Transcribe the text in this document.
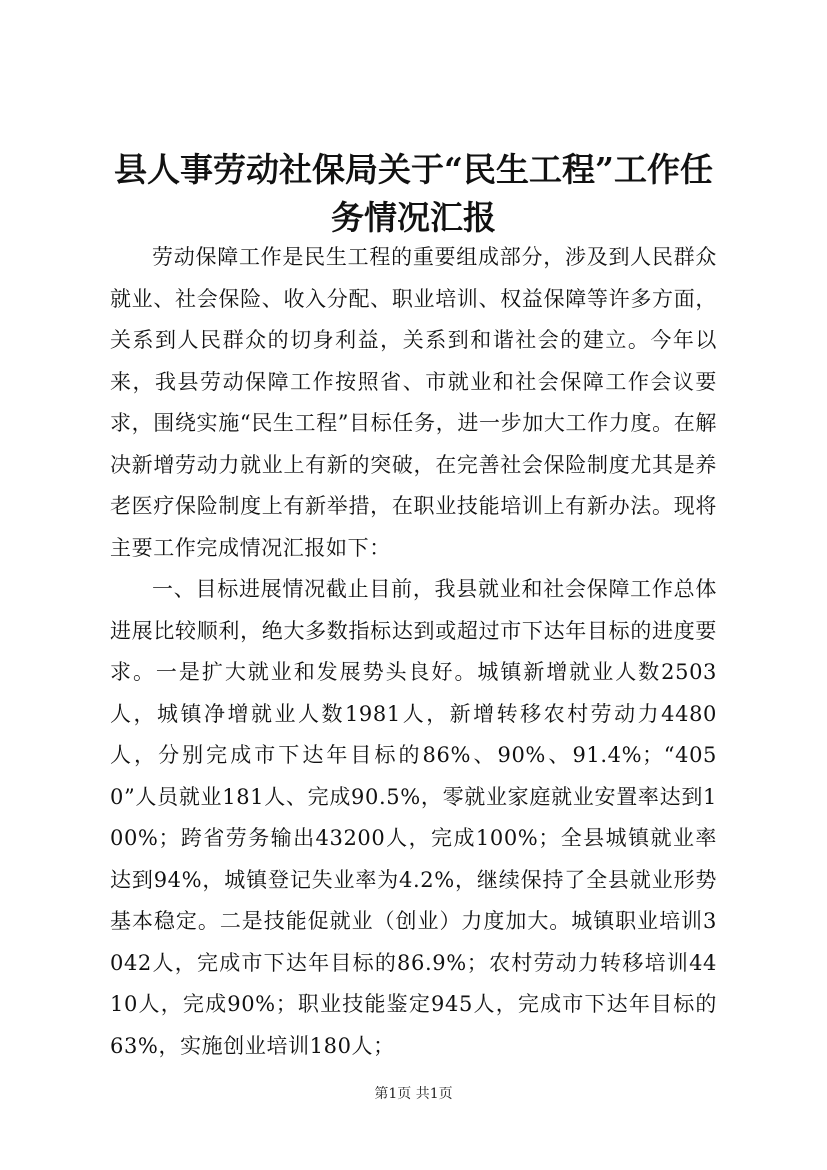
县人事劳动社保局关于“民生工程”工作任务情况汇报

劳动保障工作是民生工程的重要组成部分，涉及到人民群众就业、社会保险、收入分配、职业培训、权益保障等许多方面，关系到人民群众的切身利益，关系到和谐社会的建立。今年以来，我县劳动保障工作按照省、市就业和社会保障工作会议要求，围绕实施“民生工程”目标任务，进一步加大工作力度。在解决新增劳动力就业上有新的突破，在完善社会保险制度尤其是养老医疗保险制度上有新举措，在职业技能培训上有新办法。现将主要工作完成情况汇报如下：

一、目标进展情况截止目前，我县就业和社会保障工作总体进展比较顺利，绝大多数指标达到或超过市下达年目标的进度要求。一是扩大就业和发展势头良好。城镇新增就业人数2503人，城镇净增就业人数1981人，新增转移农村劳动力4480人，分别完成市下达年目标的86%、90%、91.4%；“4050”人员就业181人、完成90.5%，零就业家庭就业安置率达到100%；跨省劳务输出43200人，完成100%；全县城镇就业率达到94%，城镇登记失业率为4.2%，继续保持了全县就业形势基本稳定。二是技能促就业（创业）力度加大。城镇职业培训3042人，完成市下达年目标的86.9%；农村劳动力转移培训4410人，完成90%；职业技能鉴定945人，完成市下达年目标的63%，实施创业培训180人；

第1页 共1页
